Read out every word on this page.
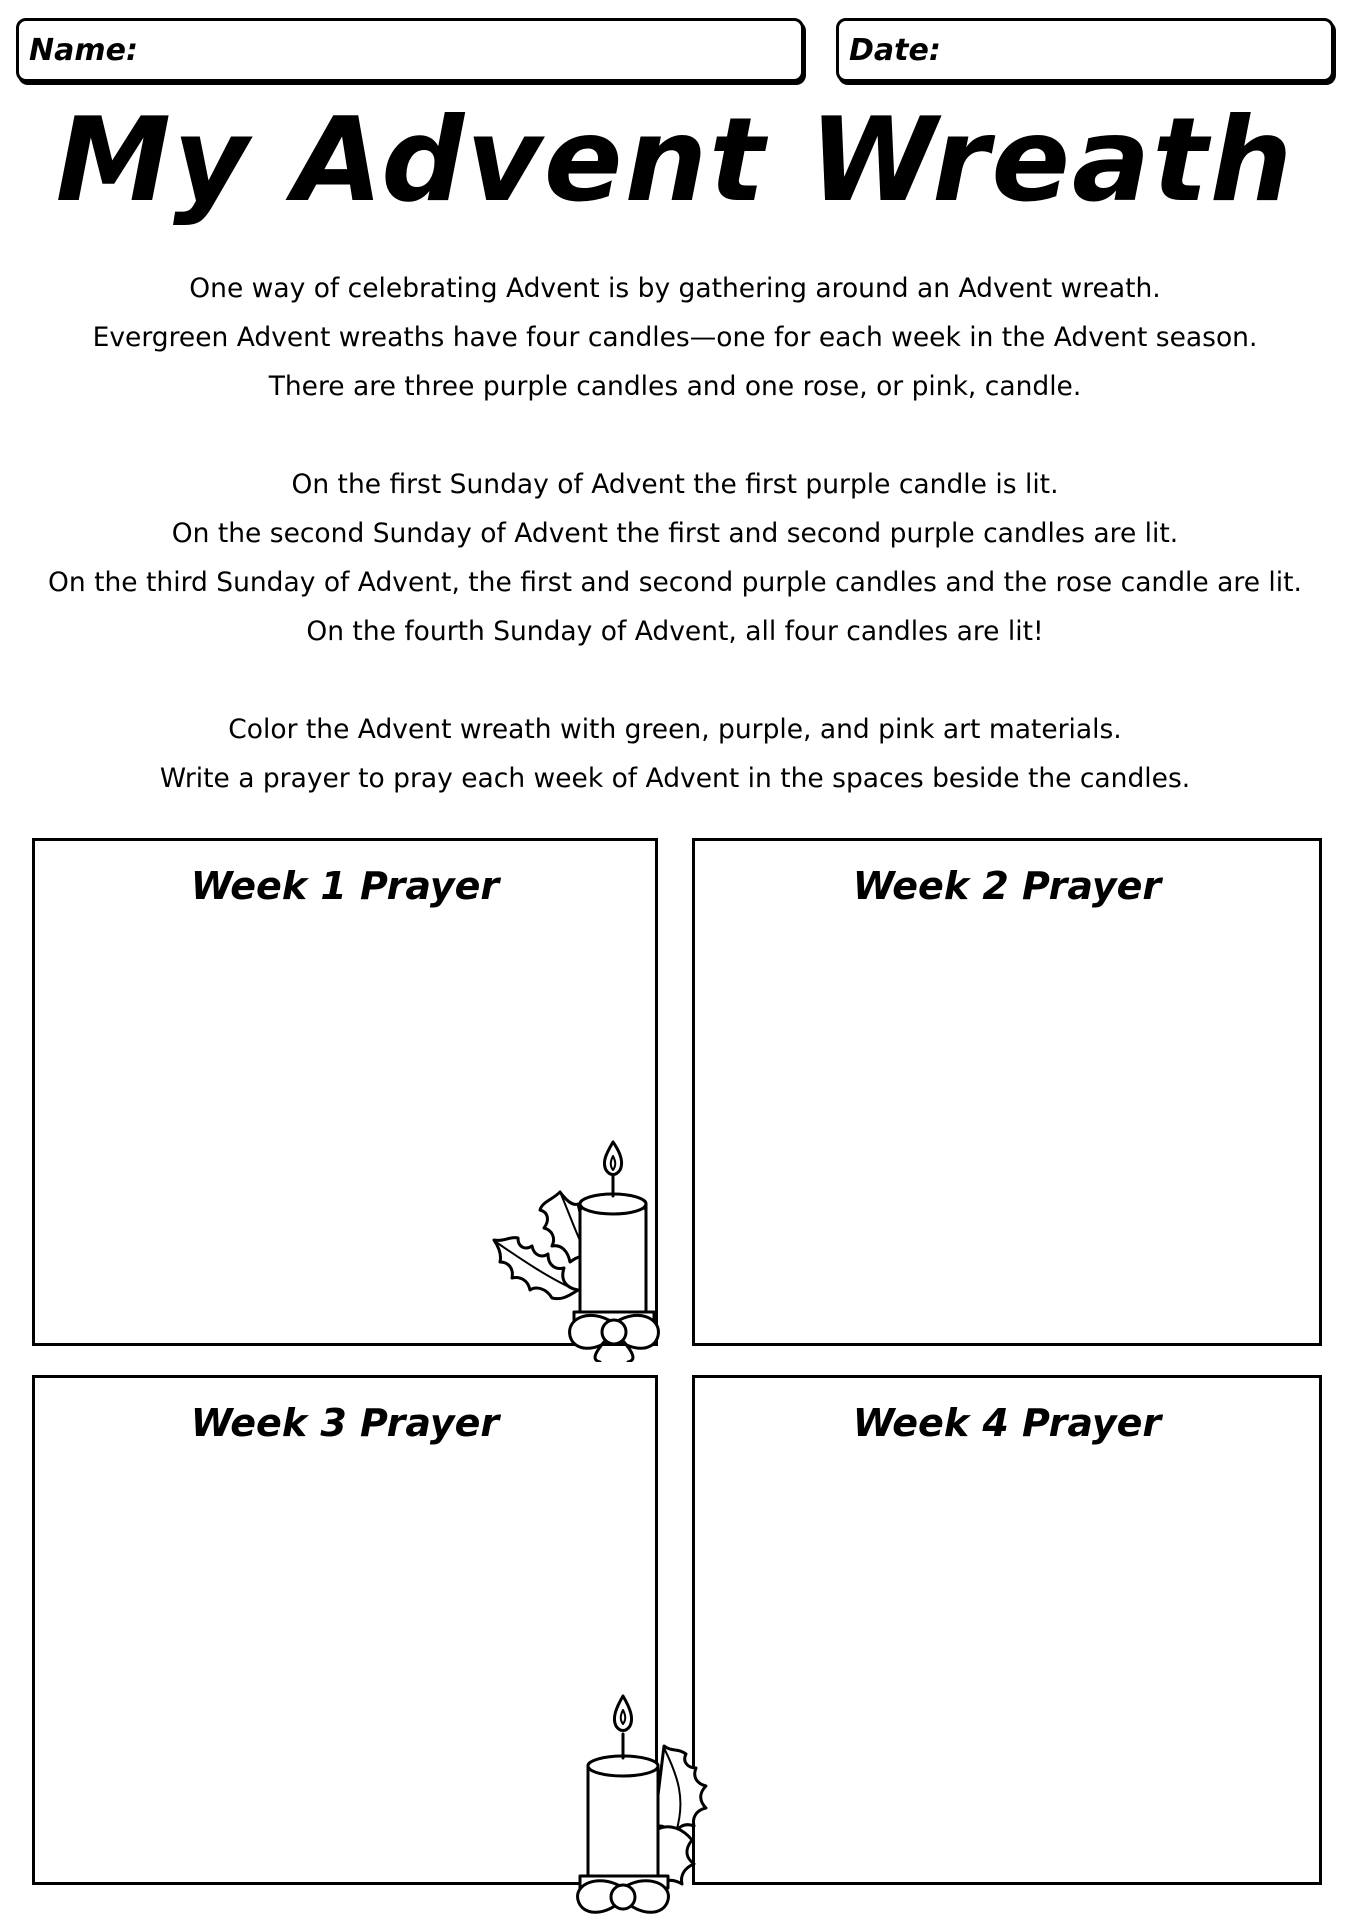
Name:	Date:
My Advent Wreath

One way of celebrating Advent is by gathering around an Advent wreath.

Evergreen Advent wreaths have four candles—one for each week in the Advent season.

There are three purple candles and one rose, or pink, candle.

On the first Sunday of Advent the first purple candle is lit.

On the second Sunday of Advent the first and second purple candles are lit.

On the third Sunday of Advent, the first and second purple candles and the rose candle are lit.

On the fourth Sunday of Advent, all four candles are lit!

Color the Advent wreath with green, purple, and pink art materials.

Write a prayer to pray each week of Advent in the spaces beside the candles.

Week 1 Prayer	Week 2 Prayer
Week 3 Prayer	Week 4 Prayer
